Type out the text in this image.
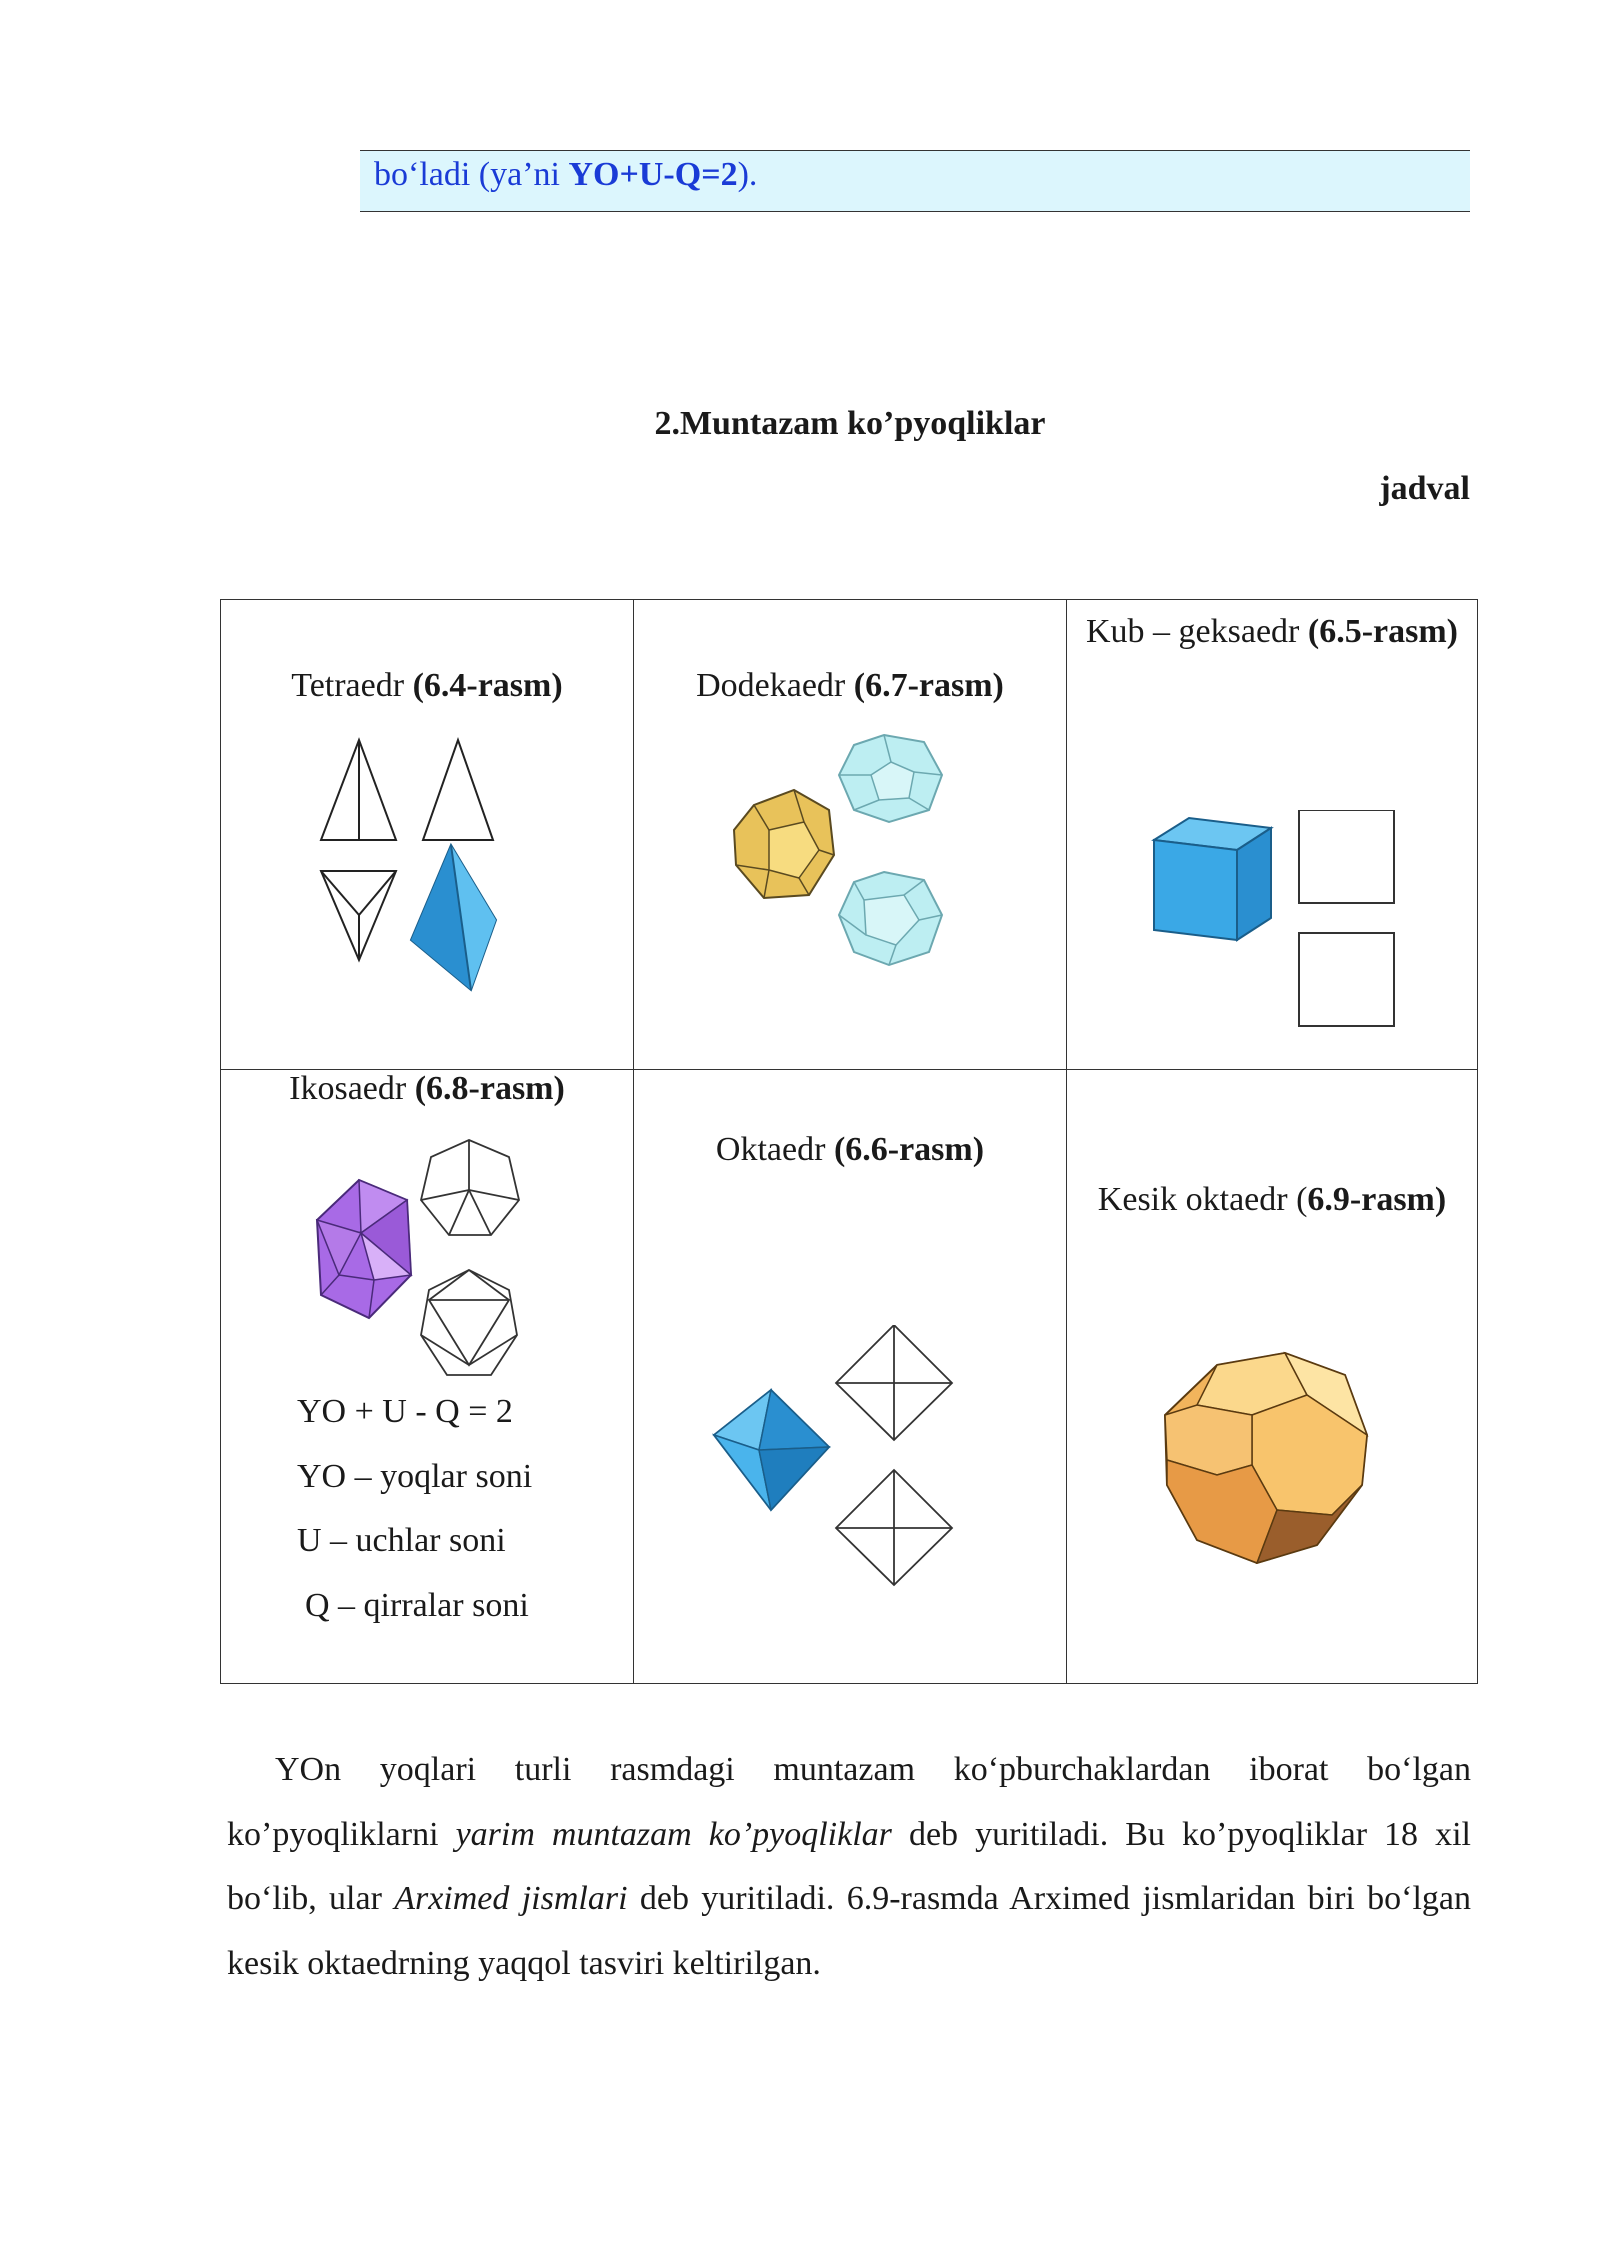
bo‘ladi (ya’ni YO+U-Q=2).
2.Muntazam ko’pyoqliklar
jadval
Tetraedr (6.4-rasm)	Dodekaedr (6.7-rasm)	Kub – geksaedr (6.5-rasm)

Ikosaedr (6.8-rasm)
YO + U - Q = 2
YO – yoqlar soni
U – uchlar soni
Q – qirralar soni	Oktaedr (6.6-rasm)	Kesik oktaedr (6.9-rasm)
YOn yoqlari turli rasmdagi muntazam ko‘pburchaklardan iborat bo‘lgan ko’pyoqliklarni yarim muntazam ko’pyoqliklar deb yuritiladi. Bu ko’pyoqliklar 18 xil bo‘lib, ular Arximed jismlari deb yuritiladi. 6.9-rasmda Arximed jismlaridan biri bo‘lgan kesik oktaedrning yaqqol tasviri keltirilgan.
